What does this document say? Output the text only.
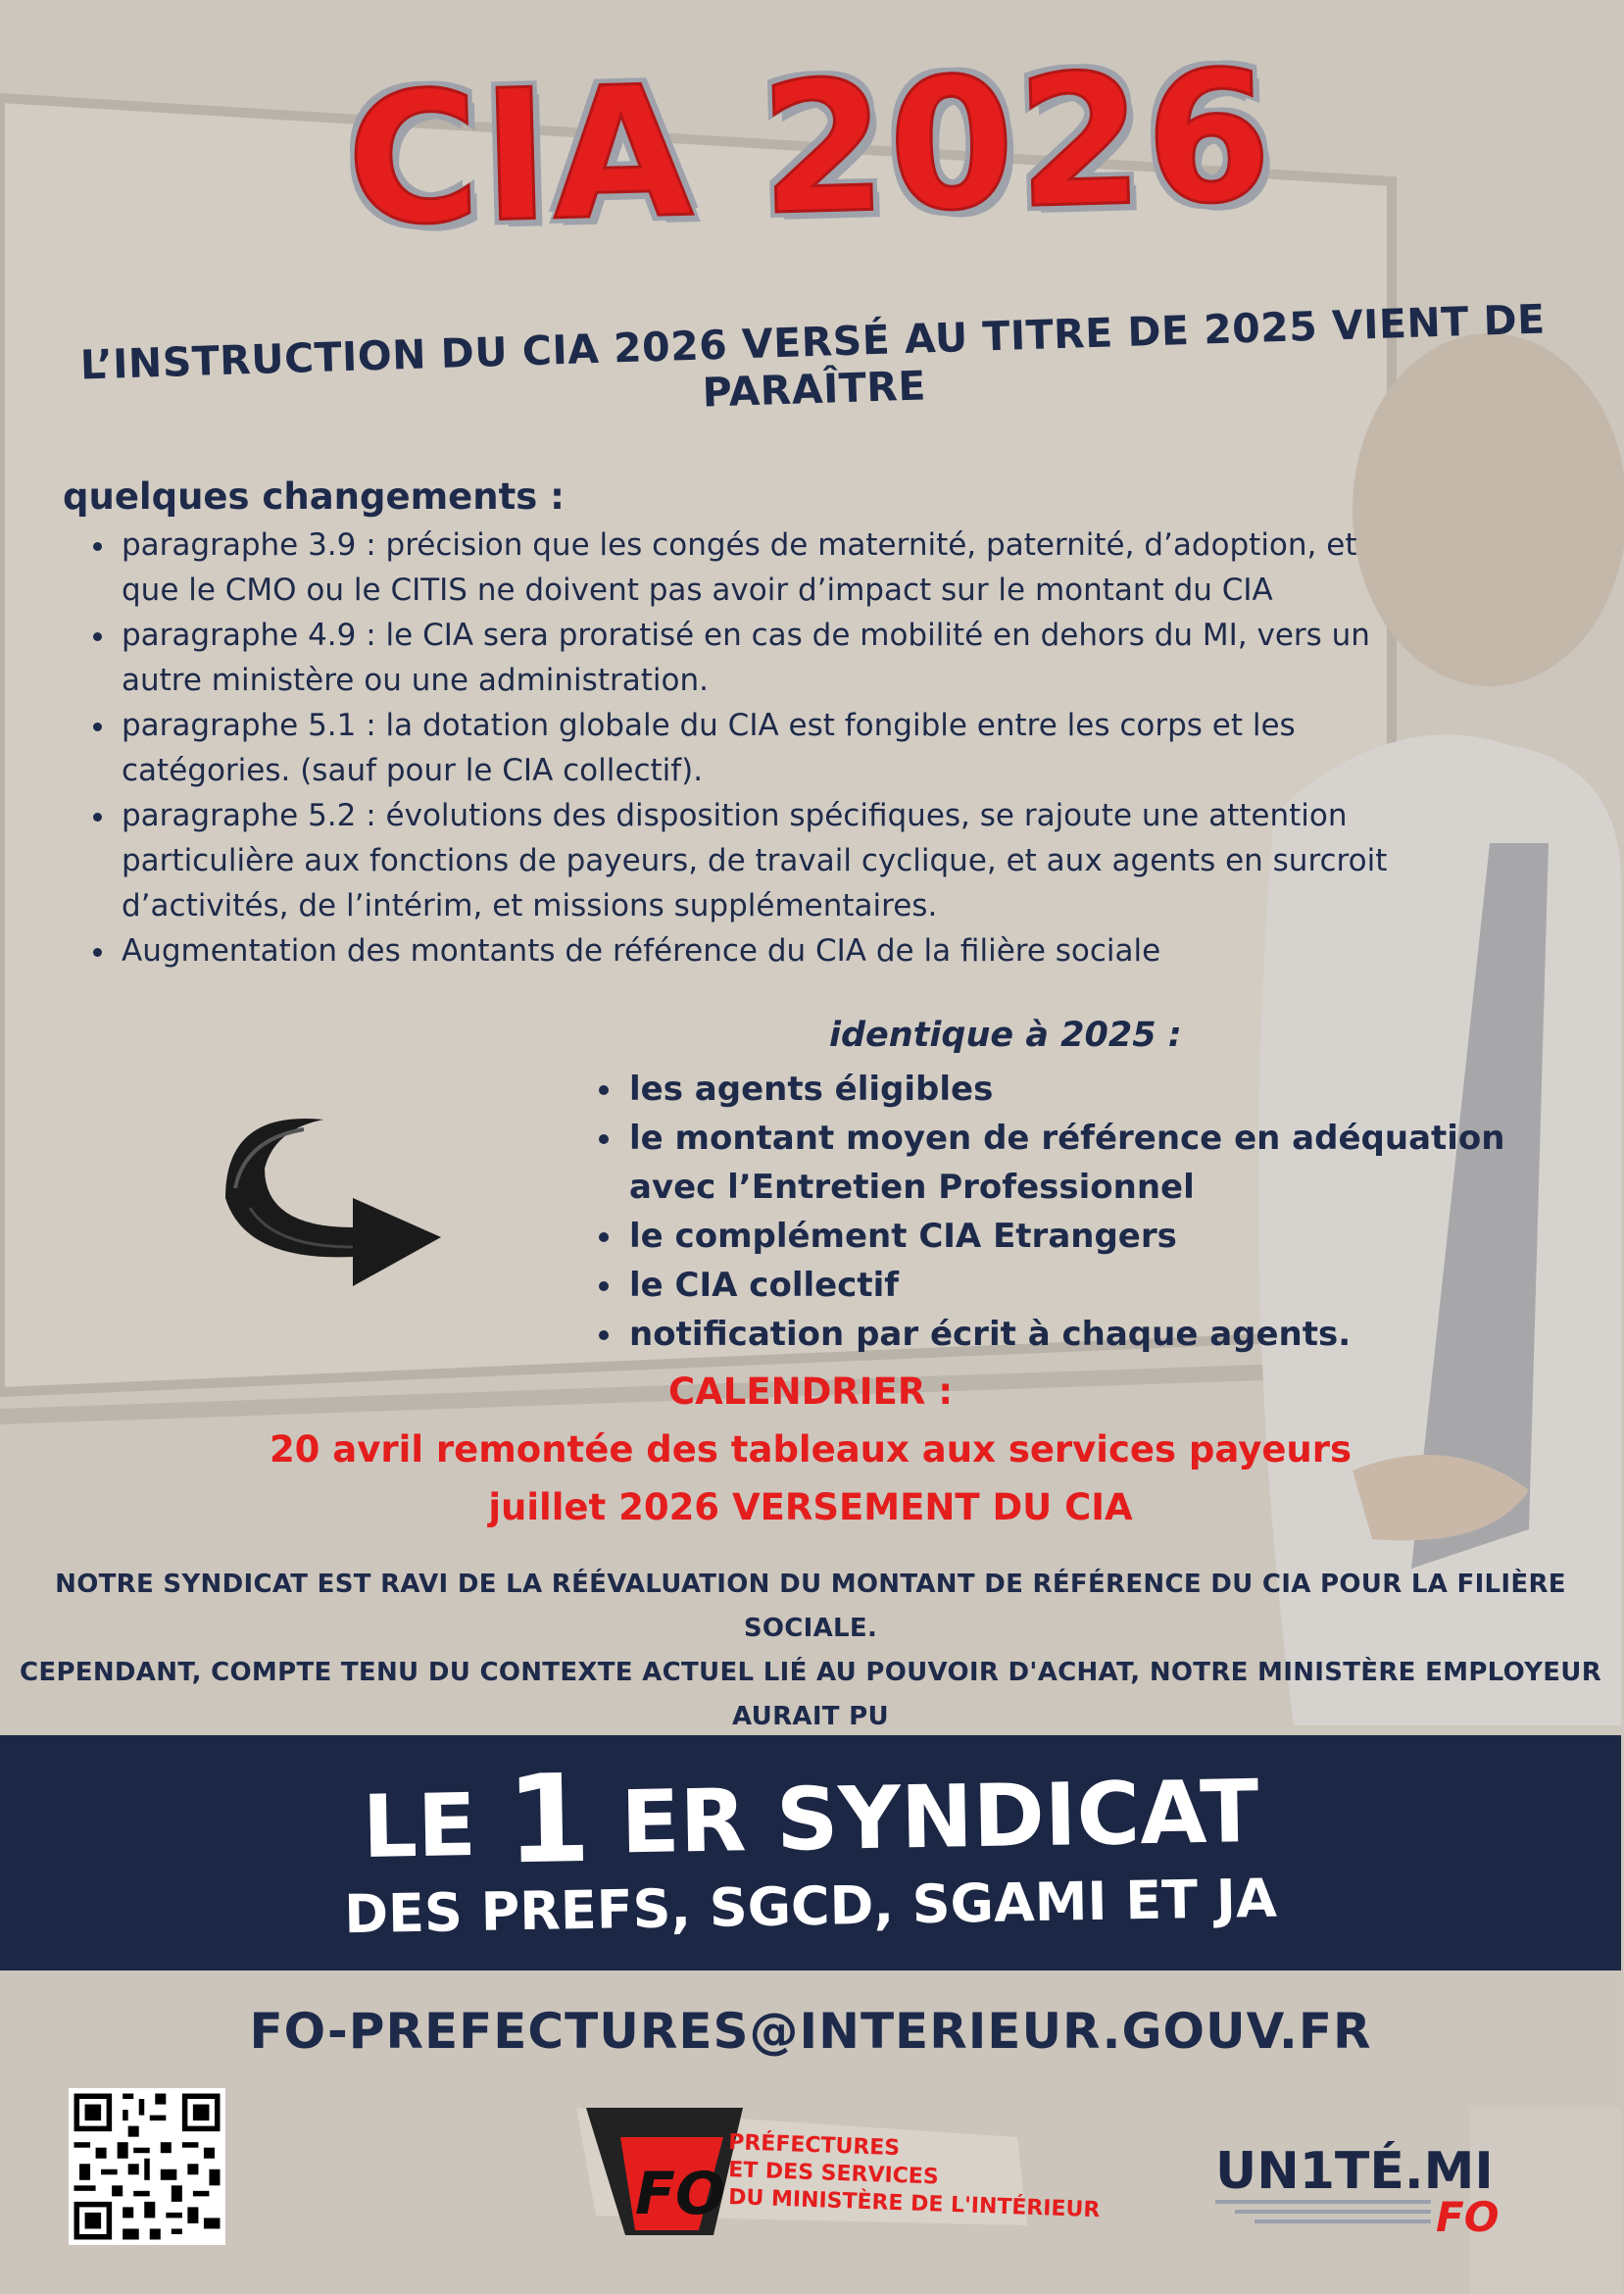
CIA 2026
L’INSTRUCTION DU CIA 2026 VERSÉ AU TITRE DE 2025 VIENT DE PARAÎTRE
quelques changements :
• paragraphe 3.9 : précision que les congés de maternité, paternité, d’adoption, et que le CMO ou le CITIS ne doivent pas avoir d’impact sur le montant du CIA
• paragraphe 4.9 : le CIA sera proratisé en cas de mobilité en dehors du MI, vers un autre ministère ou une administration.
• paragraphe 5.1 : la dotation globale du CIA est fongible entre les corps et les catégories. (sauf pour le CIA collectif).
• paragraphe 5.2 : évolutions des disposition spécifiques, se rajoute une attention particulière aux fonctions de payeurs, de travail cyclique, et aux agents en surcroit d’activités, de l’intérim, et missions supplémentaires.
• Augmentation des montants de référence du CIA de la filière sociale
identique à 2025 :
• les agents éligibles
• le montant moyen de référence en adéquation avec l’Entretien Professionnel
• le complément CIA Etrangers
• le CIA collectif
• notification par écrit à chaque agents.
CALENDRIER :
20 avril remontée des tableaux aux services payeurs
juillet 2026 VERSEMENT DU CIA
NOTRE SYNDICAT EST RAVI DE LA RÉÉVALUATION DU MONTANT DE RÉFÉRENCE DU CIA POUR LA FILIÈRE SOCIALE.
CEPENDANT, COMPTE TENU DU CONTEXTE ACTUEL LIÉ AU POUVOIR D'ACHAT, NOTRE MINISTÈRE EMPLOYEUR AURAIT PU
LE 1 ER SYNDICAT
DES PREFS, SGCD, SGAMI ET JA
FO-PREFECTURES@INTERIEUR.GOUV.FR
FO
PRÉFECTURES
ET DES SERVICES
DU MINISTÈRE DE L'INTÉRIEUR
UN1TÉ.MI
FO
